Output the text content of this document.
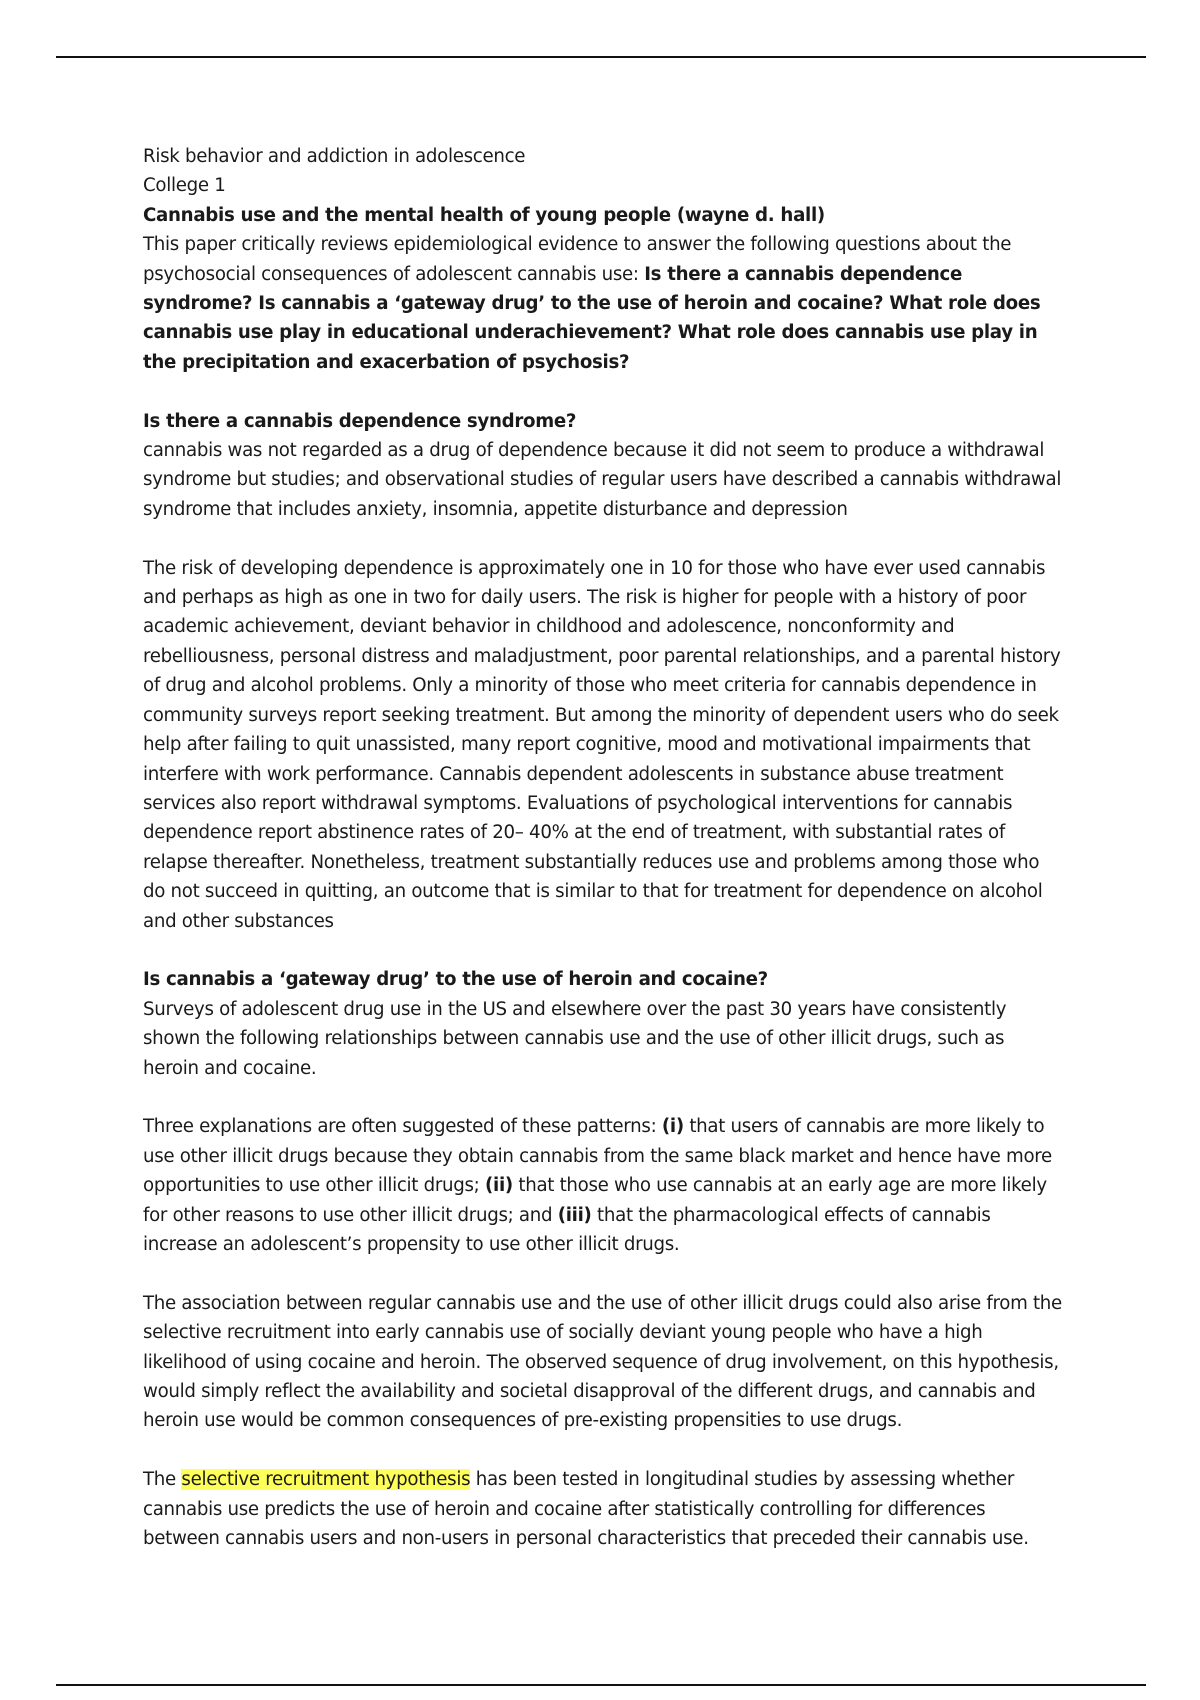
Risk behavior and addiction in adolescence

College 1

Cannabis use and the mental health of young people (wayne d. hall)

This paper critically reviews epidemiological evidence to answer the following questions about the psychosocial consequences of adolescent cannabis use: Is there a cannabis dependence syndrome? Is cannabis a ‘gateway drug’ to the use of heroin and cocaine? What role does cannabis use play in educational underachievement? What role does cannabis use play in the precipitation and exacerbation of psychosis?

Is there a cannabis dependence syndrome?

cannabis was not regarded as a drug of dependence because it did not seem to produce a withdrawal syndrome but studies; and observational studies of regular users have described a cannabis withdrawal syndrome that includes anxiety, insomnia, appetite disturbance and depression

The risk of developing dependence is approximately one in 10 for those who have ever used cannabis and perhaps as high as one in two for daily users. The risk is higher for people with a history of poor academic achievement, deviant behavior in childhood and adolescence, nonconformity and rebelliousness, personal distress and maladjustment, poor parental relationships, and a parental history of drug and alcohol problems. Only a minority of those who meet criteria for cannabis dependence in community surveys report seeking treatment. But among the minority of dependent users who do seek help after failing to quit unassisted, many report cognitive, mood and motivational impairments that interfere with work performance. Cannabis dependent adolescents in substance abuse treatment services also report withdrawal symptoms. Evaluations of psychological interventions for cannabis dependence report abstinence rates of 20– 40% at the end of treatment, with substantial rates of relapse thereafter. Nonetheless, treatment substantially reduces use and problems among those who do not succeed in quitting, an outcome that is similar to that for treatment for dependence on alcohol and other substances

Is cannabis a ‘gateway drug’ to the use of heroin and cocaine?

Surveys of adolescent drug use in the US and elsewhere over the past 30 years have consistently shown the following relationships between cannabis use and the use of other illicit drugs, such as heroin and cocaine.

Three explanations are often suggested of these patterns: (i) that users of cannabis are more likely to use other illicit drugs because they obtain cannabis from the same black market and hence have more opportunities to use other illicit drugs; (ii) that those who use cannabis at an early age are more likely for other reasons to use other illicit drugs; and (iii) that the pharmacological effects of cannabis increase an adolescent’s propensity to use other illicit drugs.

The association between regular cannabis use and the use of other illicit drugs could also arise from the selective recruitment into early cannabis use of socially deviant young people who have a high likelihood of using cocaine and heroin. The observed sequence of drug involvement, on this hypothesis, would simply reflect the availability and societal disapproval of the different drugs, and cannabis and heroin use would be common consequences of pre-existing propensities to use drugs.

The selective recruitment hypothesis has been tested in longitudinal studies by assessing whether cannabis use predicts the use of heroin and cocaine after statistically controlling for differences between cannabis users and non-users in personal characteristics that preceded their cannabis use.
